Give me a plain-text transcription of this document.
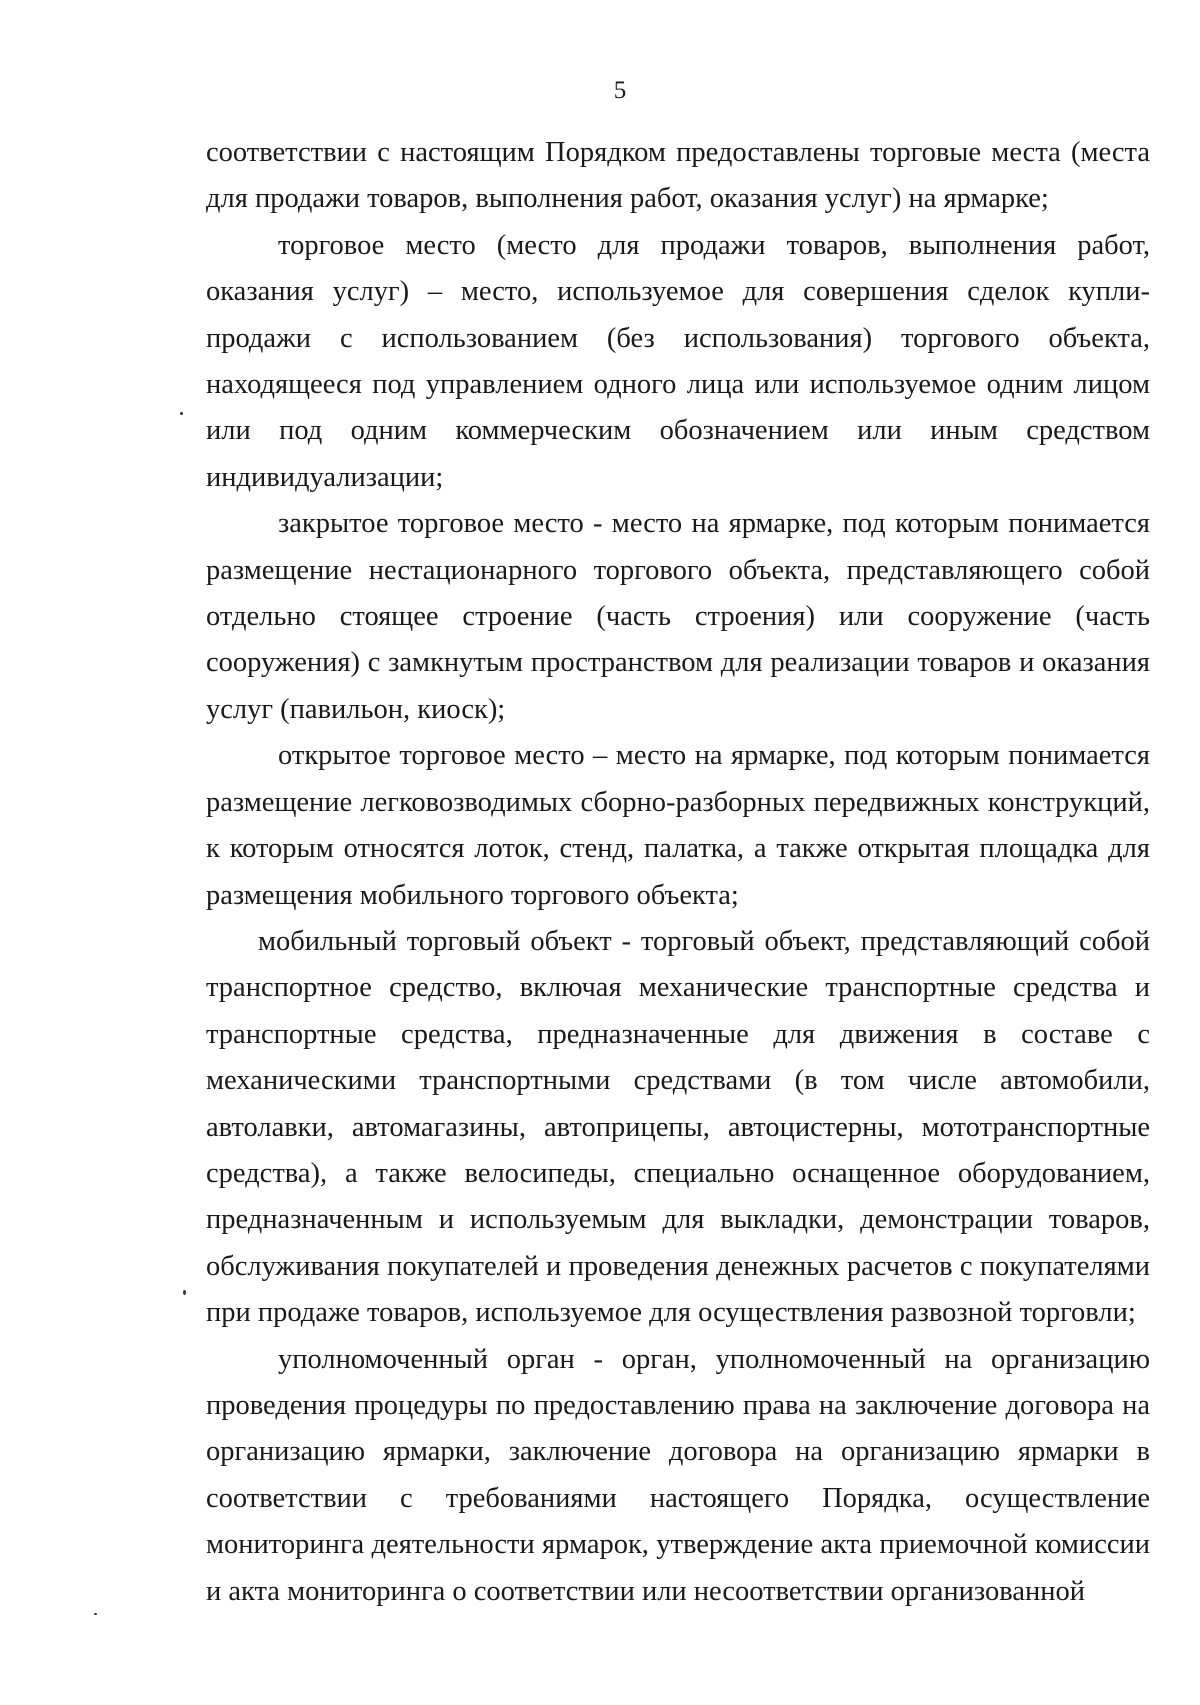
5

соответствии с настоящим Порядком предоставлены торговые места (места для продажи товаров, выполнения работ, оказания услуг) на ярмарке;

торговое место (место для продажи товаров, выполнения работ, оказания услуг) – место, используемое для совершения сделок купли-продажи с использованием (без использования) торгового объекта, находящееся под управлением одного лица или используемое одним лицом или под одним коммерческим обозначением или иным средством индивидуализации;

закрытое торговое место - место на ярмарке, под которым понимается размещение нестационарного торгового объекта, представляющего собой отдельно стоящее строение (часть строения) или сооружение (часть сооружения) с замкнутым пространством для реализации товаров и оказания услуг (павильон, киоск);

открытое торговое место – место на ярмарке, под которым понимается размещение легковозводимых сборно-разборных передвижных конструкций, к которым относятся лоток, стенд, палатка, а также открытая площадка для размещения мобильного торгового объекта;

мобильный торговый объект - торговый объект, представляющий собой транспортное средство, включая механические транспортные средства и транспортные средства, предназначенные для движения в составе с механическими транспортными средствами (в том числе автомобили, автолавки, автомагазины, автоприцепы, автоцистерны, мототранспортные средства), а также велосипеды, специально оснащенное оборудованием, предназначенным и используемым для выкладки, демонстрации товаров, обслуживания покупателей и проведения денежных расчетов с покупателями при продаже товаров, используемое для осуществления развозной торговли;

уполномоченный орган - орган, уполномоченный на организацию проведения процедуры по предоставлению права на заключение договора на организацию ярмарки, заключение договора на организацию ярмарки в соответствии с требованиями настоящего Порядка, осуществление мониторинга деятельности ярмарок, утверждение акта приемочной комиссии и акта мониторинга о соответствии или несоответствии организованной
